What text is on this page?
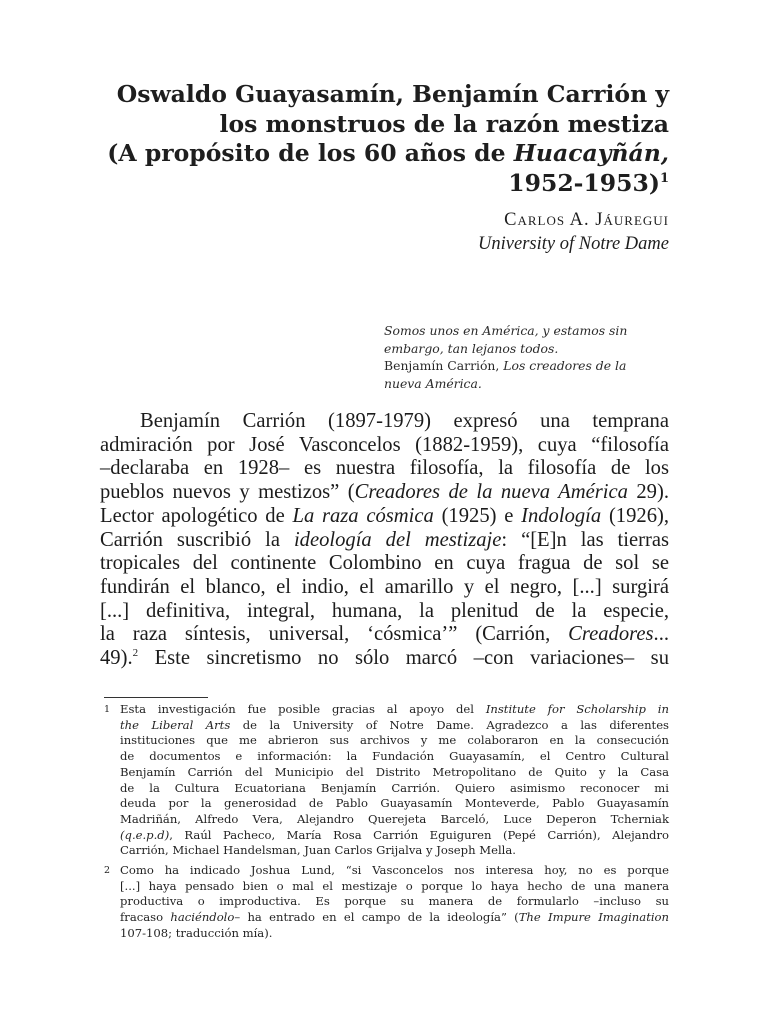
Oswaldo Guayasamín, Benjamín Carrión y
los monstruos de la razón mestiza
(A propósito de los 60 años de Huacayñán,
1952-1953)$^1$
Carlos A. Jáuregui
University of Notre Dame
Somos unos en América, y estamos sin
embargo, tan lejanos todos.
Benjamín Carrión, Los creadores de la
nueva América.
Benjamín Carrión (1897-1979) expresó una temprana
admiración por José Vasconcelos (1882-1959), cuya “filosofía
–declaraba en 1928– es nuestra filosofía, la filosofía de los
pueblos nuevos y mestizos” (Creadores de la nueva América 29).
Lector apologético de La raza cósmica (1925) e Indología (1926),
Carrión suscribió la ideología del mestizaje: “[E]n las tierras
tropicales del continente Colombino en cuya fragua de sol se
fundirán el blanco, el indio, el amarillo y el negro, [...] surgirá
[...] definitiva, integral, humana, la plenitud de la especie,
la raza síntesis, universal, ‘cósmica’” (Carrión, Creadores...
49).$^2$ Este sincretismo no sólo marcó –con variaciones– su
1 Esta investigación fue posible gracias al apoyo del Institute for Scholarship in
the Liberal Arts de la University of Notre Dame. Agradezco a las diferentes
instituciones que me abrieron sus archivos y me colaboraron en la consecución
de documentos e información: la Fundación Guayasamín, el Centro Cultural
Benjamín Carrión del Municipio del Distrito Metropolitano de Quito y la Casa
de la Cultura Ecuatoriana Benjamín Carrión. Quiero asimismo reconocer mi
deuda por la generosidad de Pablo Guayasamín Monteverde, Pablo Guayasamín
Madriñán, Alfredo Vera, Alejandro Querejeta Barceló, Luce Deperon Tcherniak
(q.e.p.d), Raúl Pacheco, María Rosa Carrión Eguiguren (Pepé Carrión), Alejandro
Carrión, Michael Handelsman, Juan Carlos Grijalva y Joseph Mella.
2 Como ha indicado Joshua Lund, “si Vasconcelos nos interesa hoy, no es porque
[...] haya pensado bien o mal el mestizaje o porque lo haya hecho de una manera
productiva o improductiva. Es porque su manera de formularlo –incluso su
fracaso haciéndolo– ha entrado en el campo de la ideología” (The Impure Imagination
107-108; traducción mía).
